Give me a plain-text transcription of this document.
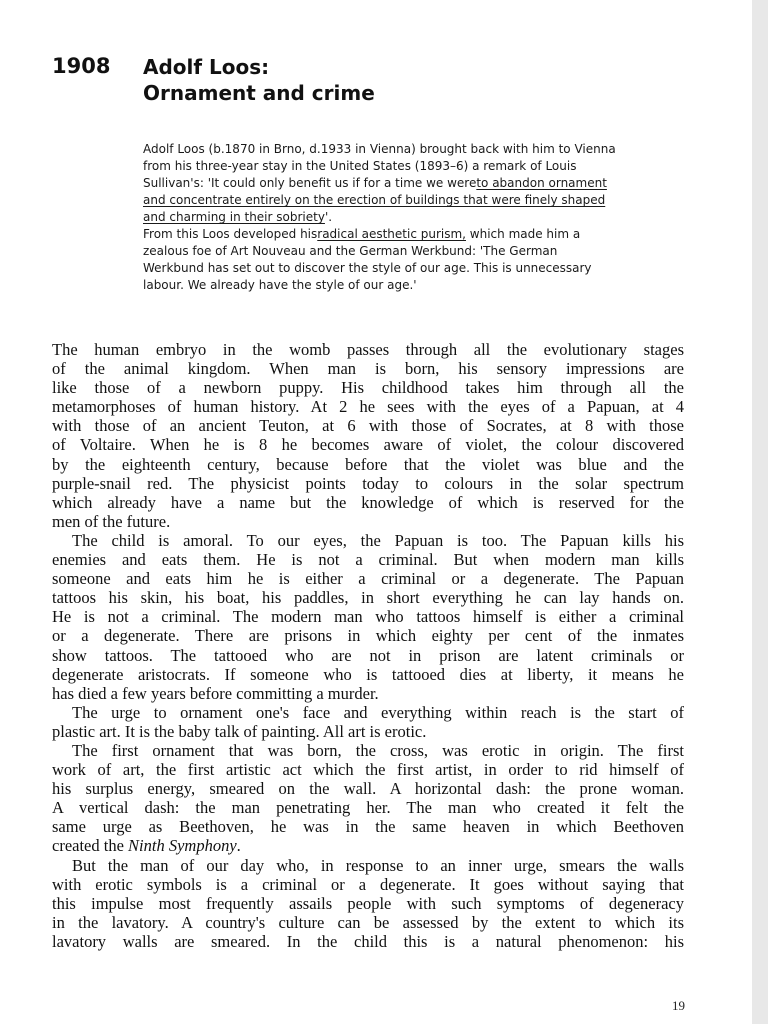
1908 Adolf Loos:
Ornament and crime
Adolf Loos (b.1870 in Brno, d.1933 in Vienna) brought back with him to Vienna
from his three-year stay in the United States (1893–6) a remark of Louis
Sullivan's: 'It could only benefit us if for a time we wereto abandon ornament
and concentrate entirely on the erection of buildings that were finely shaped
and charming in their sobriety'.
From this Loos developed hisradical aesthetic purism, which made him a
zealous foe of Art Nouveau and the German Werkbund: 'The German
Werkbund has set out to discover the style of our age. This is unnecessary
labour. We already have the style of our age.'
The human embryo in the womb passes through all the evolutionary stages
of the animal kingdom. When man is born, his sensory impressions are
like those of a newborn puppy. His childhood takes him through all the
metamorphoses of human history. At 2 he sees with the eyes of a Papuan, at 4
with those of an ancient Teuton, at 6 with those of Socrates, at 8 with those
of Voltaire. When he is 8 he becomes aware of violet, the colour discovered
by the eighteenth century, because before that the violet was blue and the
purple-snail red. The physicist points today to colours in the solar spectrum
which already have a name but the knowledge of which is reserved for the
men of the future.
The child is amoral. To our eyes, the Papuan is too. The Papuan kills his
enemies and eats them. He is not a criminal. But when modern man kills
someone and eats him he is either a criminal or a degenerate. The Papuan
tattoos his skin, his boat, his paddles, in short everything he can lay hands on.
He is not a criminal. The modern man who tattoos himself is either a criminal
or a degenerate. There are prisons in which eighty per cent of the inmates
show tattoos. The tattooed who are not in prison are latent criminals or
degenerate aristocrats. If someone who is tattooed dies at liberty, it means he
has died a few years before committing a murder.
The urge to ornament one's face and everything within reach is the start of
plastic art. It is the baby talk of painting. All art is erotic.
The first ornament that was born, the cross, was erotic in origin. The first
work of art, the first artistic act which the first artist, in order to rid himself of
his surplus energy, smeared on the wall. A horizontal dash: the prone woman.
A vertical dash: the man penetrating her. The man who created it felt the
same urge as Beethoven, he was in the same heaven in which Beethoven
created the Ninth Symphony.
But the man of our day who, in response to an inner urge, smears the walls
with erotic symbols is a criminal or a degenerate. It goes without saying that
this impulse most frequently assails people with such symptoms of degeneracy
in the lavatory. A country's culture can be assessed by the extent to which its
lavatory walls are smeared. In the child this is a natural phenomenon: his

19
